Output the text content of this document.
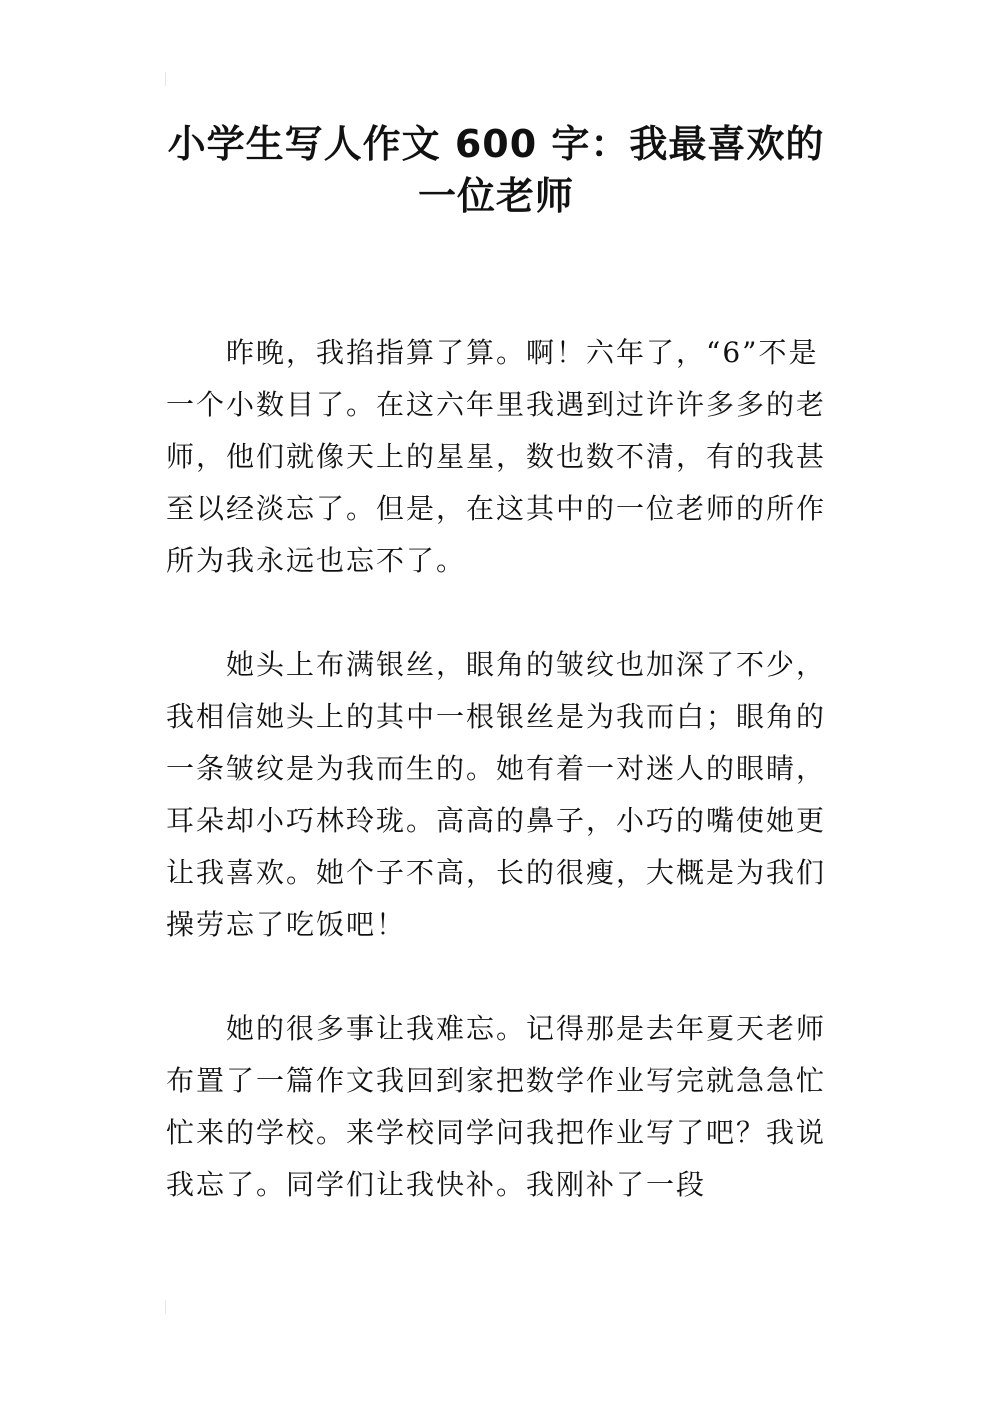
小学生写人作文 600 字：我最喜欢的
一位老师
昨晚，我掐指算了算。啊！六年了，“6”不是
一个小数目了。在这六年里我遇到过许许多多的老
师，他们就像天上的星星，数也数不清，有的我甚
至以经淡忘了。但是，在这其中的一位老师的所作
所为我永远也忘不了。
她头上布满银丝，眼角的皱纹也加深了不少，
我相信她头上的其中一根银丝是为我而白；眼角的
一条皱纹是为我而生的。她有着一对迷人的眼睛，
耳朵却小巧林玲珑。高高的鼻子，小巧的嘴使她更
让我喜欢。她个子不高，长的很瘦，大概是为我们
操劳忘了吃饭吧！
她的很多事让我难忘。记得那是去年夏天老师
布置了一篇作文我回到家把数学作业写完就急急忙
忙来的学校。来学校同学问我把作业写了吧？我说
我忘了。同学们让我快补。我刚补了一段
